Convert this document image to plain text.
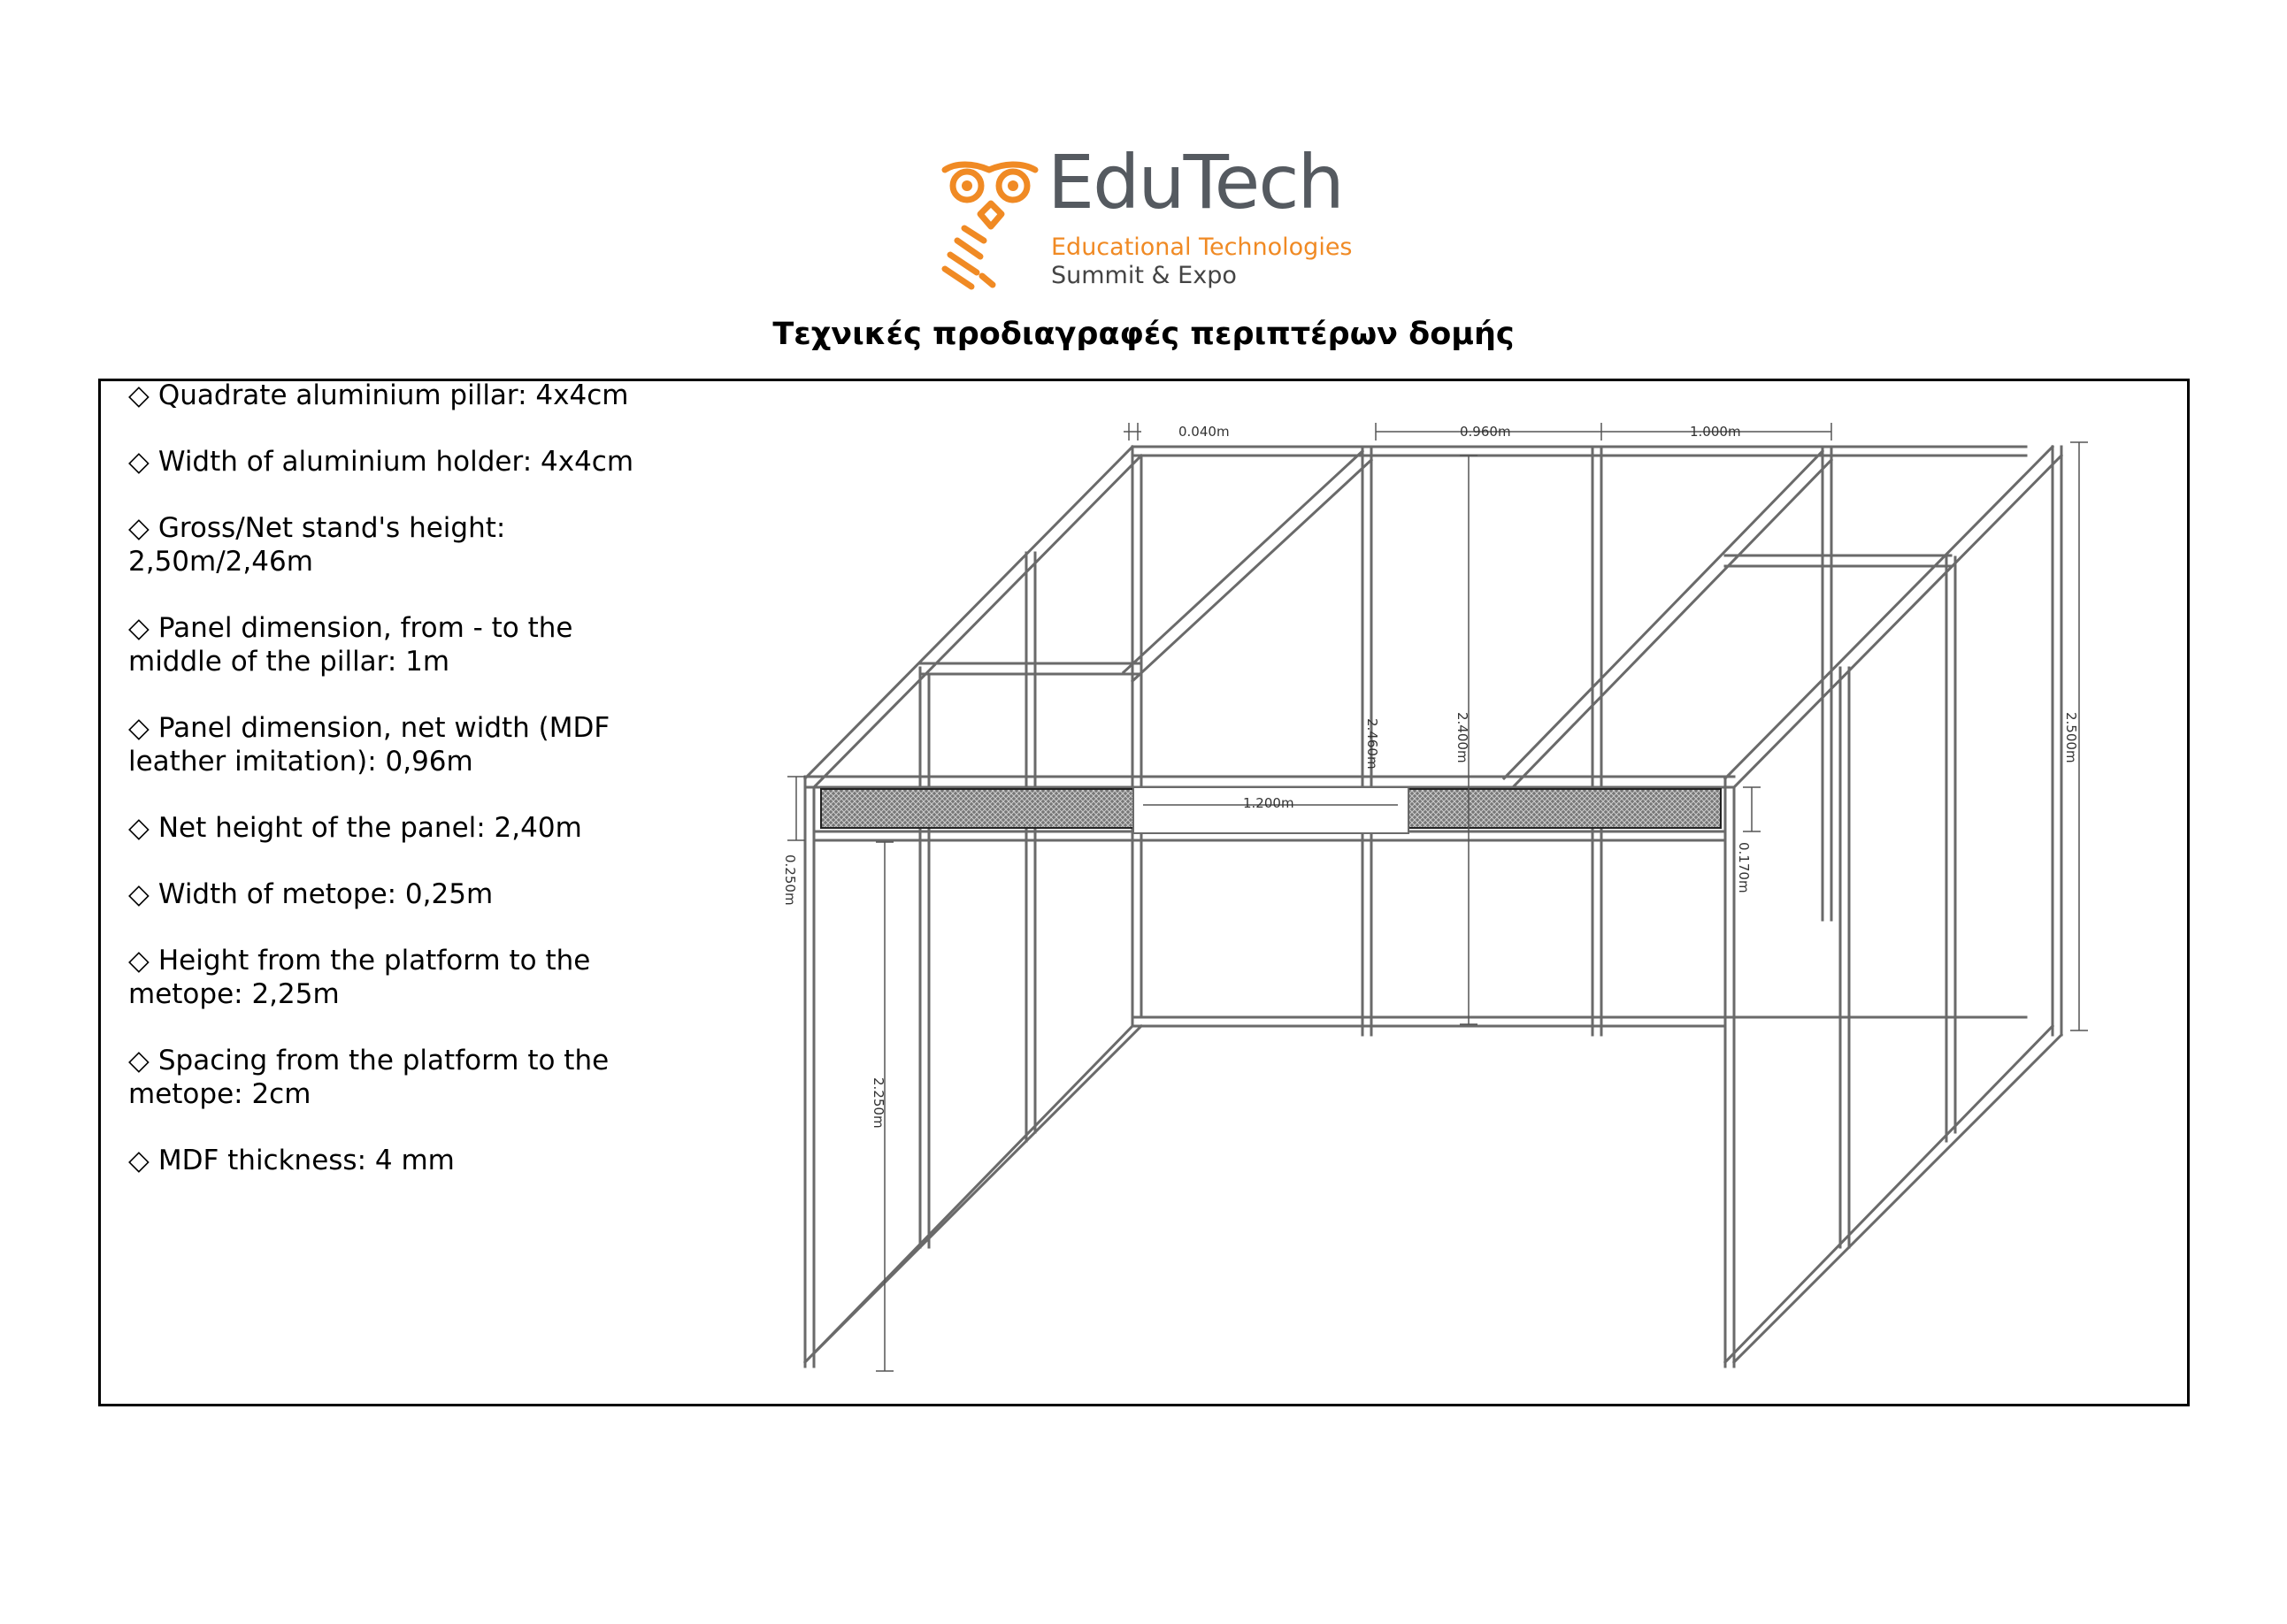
EduTech
Educational Technologies
Summit & Expo
Τεχνικές προδιαγραφές περιπτέρων δομής
◇ Quadrate aluminium pillar: 4x4cm
◇ Width of aluminium holder: 4x4cm
◇ Gross/Net stand's height:
2,50m/2,46m
◇ Panel dimension, from - to the
middle of the pillar: 1m
◇ Panel dimension, net width (MDF
leather imitation): 0,96m
◇ Net height of the panel: 2,40m
◇ Width of metope: 0,25m
◇ Height from the platform to the
metope: 2,25m
◇ Spacing from the platform to the
metope: 2cm
◇ MDF thickness: 4 mm
0.040m	0.960m	1.000m
1.200m
2.500m
2.460m	2.400m
0.250m	0.170m
2.250m
